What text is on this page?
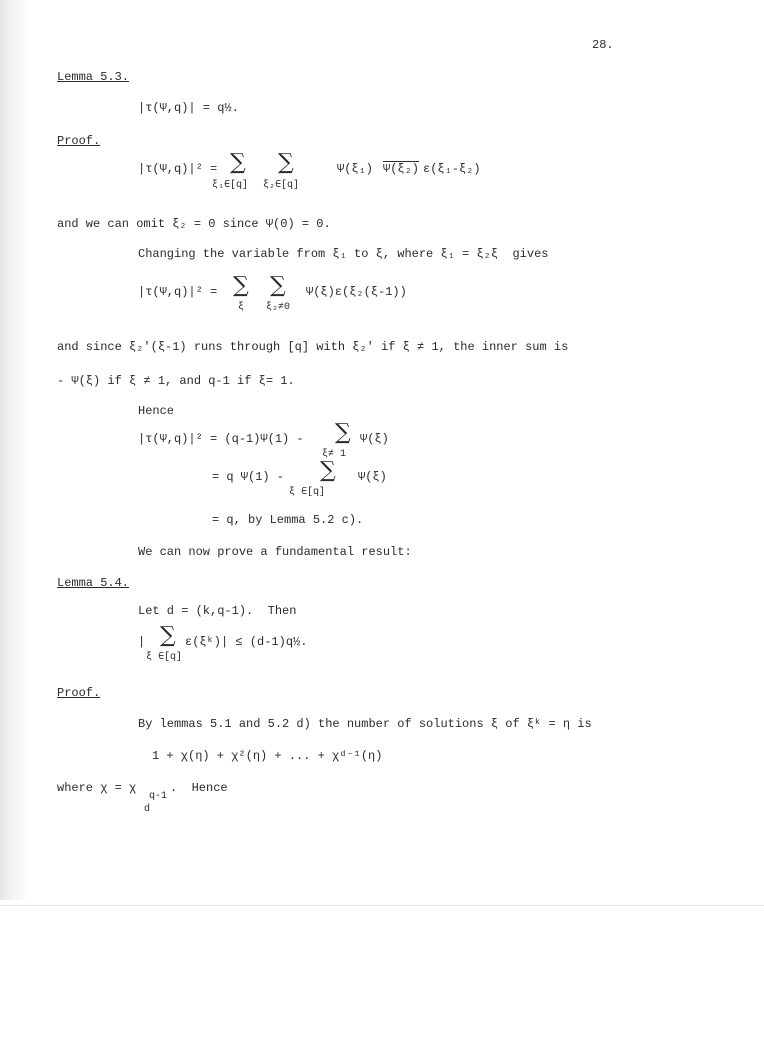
28.
Lemma 5.3.
|τ(Ψ,q)| = q½.
Proof.
|τ(Ψ,q)|² = ∑ ∑
ξ₁∈[q] ξ₂∈[q]
Ψ(ξ₁) Ψ(ξ₂) ε(ξ₁-ξ₂)
and we can omit ξ₂ = 0 since Ψ(0) = 0.
Changing the variable from ξ₁ to ξ, where ξ₁ = ξ₂ξ  gives
|τ(Ψ,q)|² = ∑ ∑
ξ ξ₂≠0
Ψ(ξ)ε(ξ₂(ξ-1))
and since ξ₂'(ξ-1) runs through [q] with ξ₂' if ξ ≠ 1, the inner sum is
- Ψ(ξ) if ξ ≠ 1, and q-1 if ξ= 1.
Hence
|τ(Ψ,q)|² = (q-1)Ψ(1) - ∑
ξ≠ 1
Ψ(ξ)
= q Ψ(1) - ∑
ξ ∈[q]
Ψ(ξ)
= q, by Lemma 5.2 c).
We can now prove a fundamental result:
Lemma 5.4.
Let d = (k,q-1).  Then
| ∑
ξ ∈[q]
ε(ξᵏ)| ≤ (d-1)q½.
Proof.
By lemmas 5.1 and 5.2 d) the number of solutions ξ of ξᵏ = η is
1 + χ(η) + χ²(η) + ... + χᵈ⁻¹(η)
where χ = χ
q-1
d
.  Hence
